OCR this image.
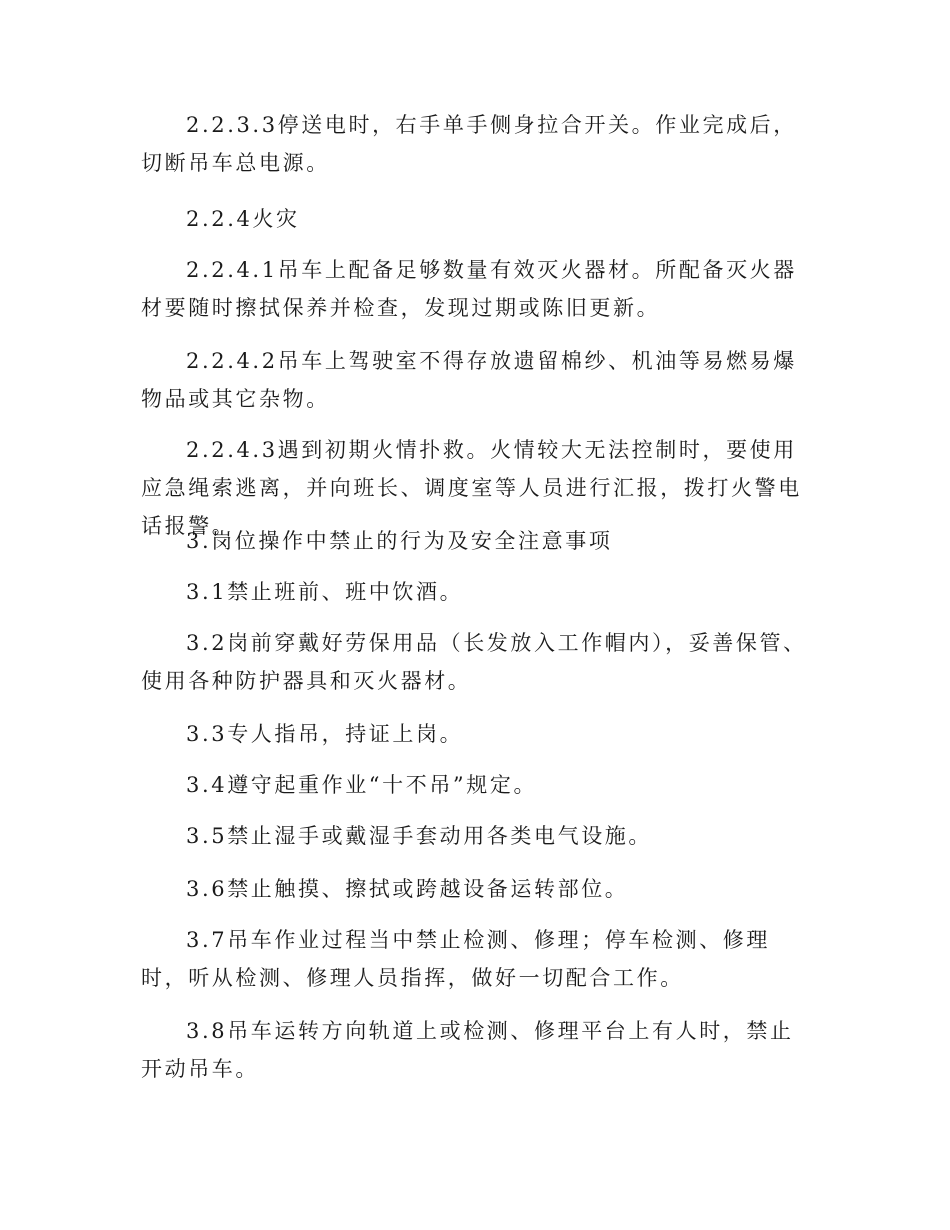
2.2.3.3停送电时，右手单手侧身拉合开关。作业完成后，切断吊车总电源。

2.2.4火灾

2.2.4.1吊车上配备足够数量有效灭火器材。所配备灭火器材要随时擦拭保养并检查，发现过期或陈旧更新。

2.2.4.2吊车上驾驶室不得存放遗留棉纱、机油等易燃易爆物品或其它杂物。

2.2.4.3遇到初期火情扑救。火情较大无法控制时，要使用应急绳索逃离，并向班长、调度室等人员进行汇报，拨打火警电话报警。

3.岗位操作中禁止的行为及安全注意事项

3.1禁止班前、班中饮酒。

3.2岗前穿戴好劳保用品（长发放入工作帽内），妥善保管、使用各种防护器具和灭火器材。

3.3专人指吊，持证上岗。

3.4遵守起重作业“十不吊”规定。

3.5禁止湿手或戴湿手套动用各类电气设施。

3.6禁止触摸、擦拭或跨越设备运转部位。

3.7吊车作业过程当中禁止检测、修理；停车检测、修理时，听从检测、修理人员指挥，做好一切配合工作。

3.8吊车运转方向轨道上或检测、修理平台上有人时，禁止开动吊车。
